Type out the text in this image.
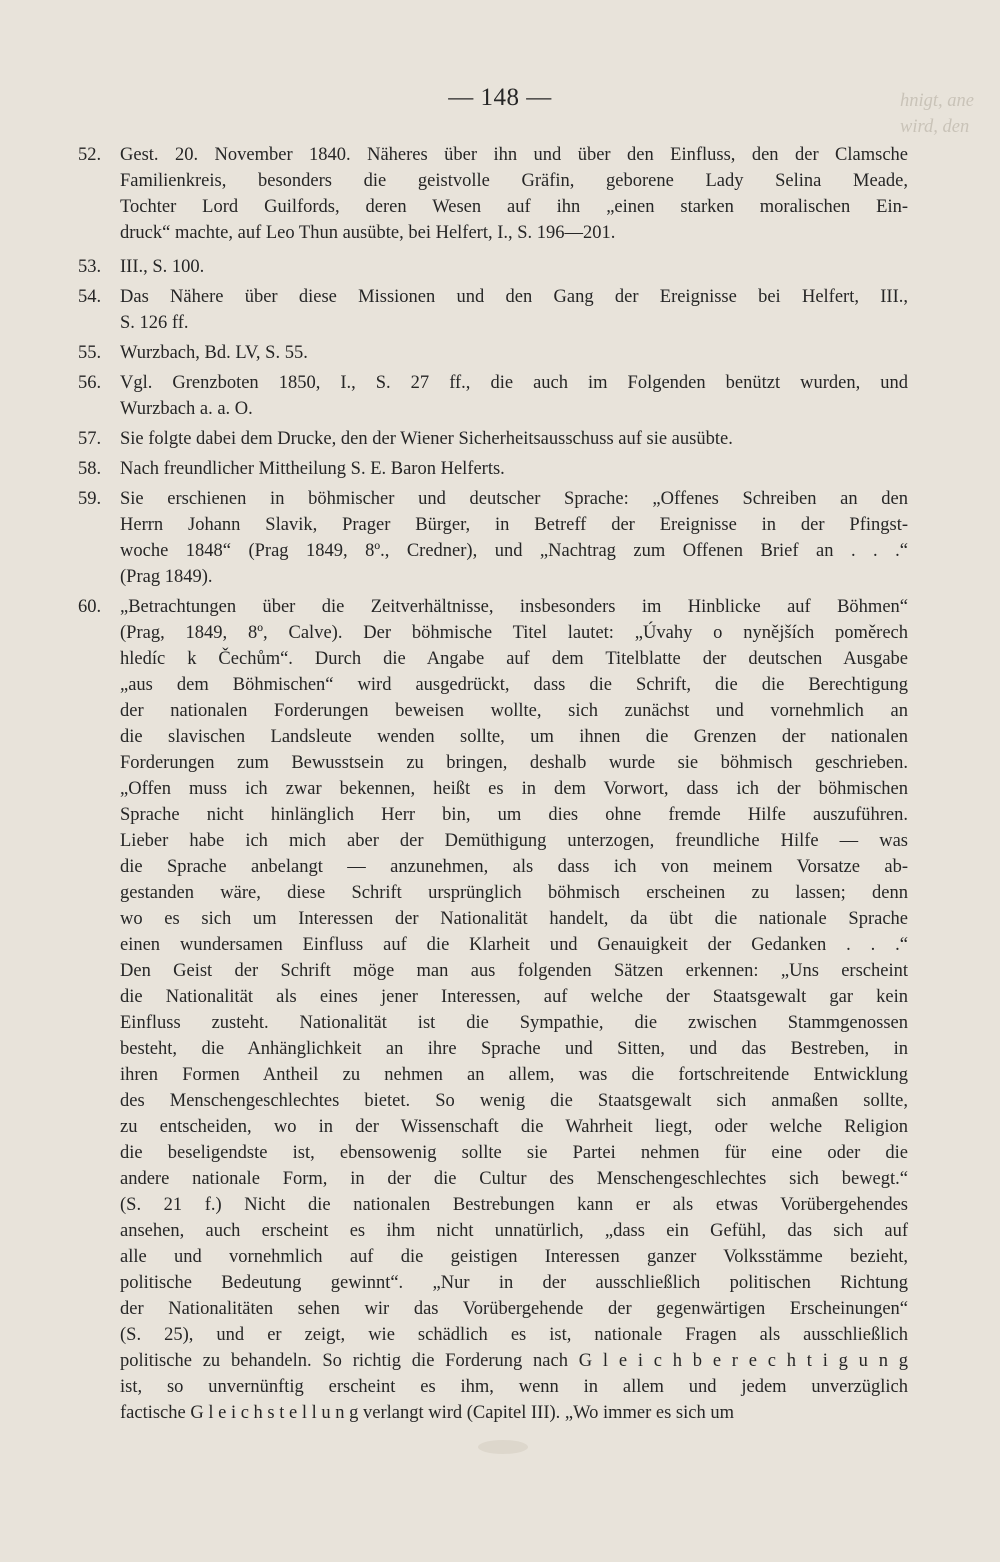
— 148 —	hnigt, ane
wird, den
52.	Gest. 20. November 1840. Näheres über ihn und über den Einfluss, den der Clamsche
Familienkreis, besonders die geistvolle Gräfin, geborene Lady Selina Meade,
Tochter Lord Guilfords, deren Wesen auf ihn „einen starken moralischen Ein-
druck“ machte, auf Leo Thun ausübte, bei Helfert, I., S. 196—201.
53.	III., S. 100.
54.	Das Nähere über diese Missionen und den Gang der Ereignisse bei Helfert, III.,
S. 126 ff.
55.	Wurzbach, Bd. LV, S. 55.
56.	Vgl. Grenzboten 1850, I., S. 27 ff., die auch im Folgenden benützt wurden, und
Wurzbach a. a. O.
57.	Sie folgte dabei dem Drucke, den der Wiener Sicherheitsausschuss auf sie ausübte.
58.	Nach freundlicher Mittheilung S. E. Baron Helferts.
59.	Sie erschienen in böhmischer und deutscher Sprache: „Offenes Schreiben an den
Herrn Johann Slavik, Prager Bürger, in Betreff der Ereignisse in der Pfingst-
woche 1848“ (Prag 1849, 8º., Credner), und „Nachtrag zum Offenen Brief an . . .“
(Prag 1849).
60.	„Betrachtungen über die Zeitverhältnisse, insbesonders im Hinblicke auf Böhmen“
(Prag, 1849, 8º, Calve). Der böhmische Titel lautet: „Úvahy o nynějších poměrech
hledíc k Čechům“. Durch die Angabe auf dem Titelblatte der deutschen Ausgabe
„aus dem Böhmischen“ wird ausgedrückt, dass die Schrift, die die Berechtigung
der nationalen Forderungen beweisen wollte, sich zunächst und vornehmlich an
die slavischen Landsleute wenden sollte, um ihnen die Grenzen der nationalen
Forderungen zum Bewusstsein zu bringen, deshalb wurde sie böhmisch geschrieben.
„Offen muss ich zwar bekennen, heißt es in dem Vorwort, dass ich der böhmischen
Sprache nicht hinlänglich Herr bin, um dies ohne fremde Hilfe auszuführen.
Lieber habe ich mich aber der Demüthigung unterzogen, freundliche Hilfe — was
die Sprache anbelangt — anzunehmen, als dass ich von meinem Vorsatze ab-
gestanden wäre, diese Schrift ursprünglich böhmisch erscheinen zu lassen; denn
wo es sich um Interessen der Nationalität handelt, da übt die nationale Sprache
einen wundersamen Einfluss auf die Klarheit und Genauigkeit der Gedanken . . .“
Den Geist der Schrift möge man aus folgenden Sätzen erkennen: „Uns erscheint
die Nationalität als eines jener Interessen, auf welche der Staatsgewalt gar kein
Einfluss zusteht. Nationalität ist die Sympathie, die zwischen Stammgenossen
besteht, die Anhänglichkeit an ihre Sprache und Sitten, und das Bestreben, in
ihren Formen Antheil zu nehmen an allem, was die fortschreitende Entwicklung
des Menschengeschlechtes bietet. So wenig die Staatsgewalt sich anmaßen sollte,
zu entscheiden, wo in der Wissenschaft die Wahrheit liegt, oder welche Religion
die beseligendste ist, ebensowenig sollte sie Partei nehmen für eine oder die
andere nationale Form, in der die Cultur des Menschengeschlechtes sich bewegt.“
(S. 21 f.) Nicht die nationalen Bestrebungen kann er als etwas Vorübergehendes
ansehen, auch erscheint es ihm nicht unnatürlich, „dass ein Gefühl, das sich auf
alle und vornehmlich auf die geistigen Interessen ganzer Volksstämme bezieht,
politische Bedeutung gewinnt“. „Nur in der ausschließlich politischen Richtung
der Nationalitäten sehen wir das Vorübergehende der gegenwärtigen Erscheinungen“
(S. 25), und er zeigt, wie schädlich es ist, nationale Fragen als ausschließlich
politische zu behandeln. So richtig die Forderung nach G l e i c h b e r e c h t i g u n g
ist, so unvernünftig erscheint es ihm, wenn in allem und jedem unverzüglich
factische G l e i c h s t e l l u n g verlangt wird (Capitel III). „Wo immer es sich um
